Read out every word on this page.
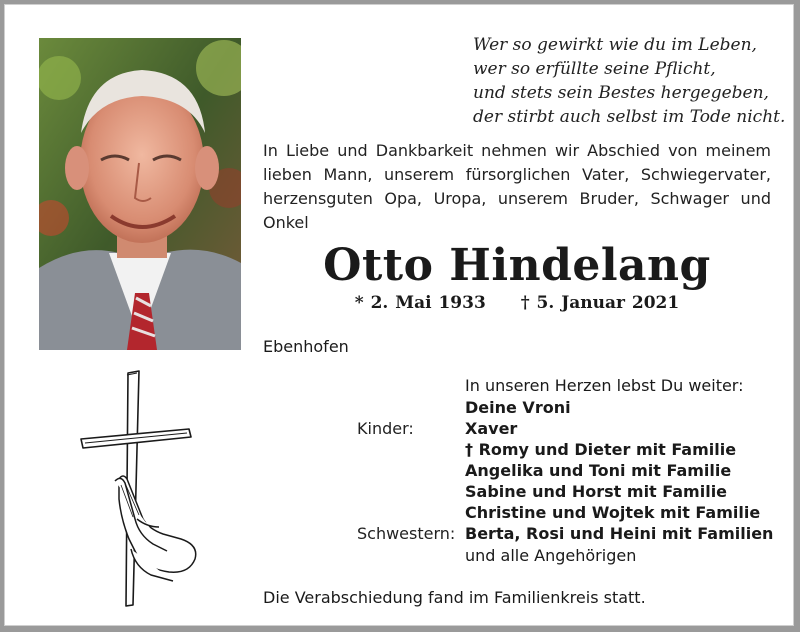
Wer so gewirkt wie du im Leben,
wer so erfüllte seine Pflicht,
und stets sein Bestes hergegeben,
der stirbt auch selbst im Tode nicht.
In Liebe und Dankbarkeit nehmen wir Abschied von meinem lieben Mann, unserem fürsorglichen Vater, Schwiegervater, herzensguten Opa, Uropa, unserem Bruder, Schwager und Onkel
Otto Hindelang
* 2. Mai 1933 † 5. Januar 2021
Ebenhofen
In unseren Herzen lebst Du weiter:
Deine Vroni
Kinder:	Xaver
† Romy und Dieter mit Familie
Angelika und Toni mit Familie
Sabine und Horst mit Familie
Christine und Wojtek mit Familie
Schwestern: Berta, Rosi und Heini mit Familien
und alle Angehörigen
Die Verabschiedung fand im Familienkreis statt.
